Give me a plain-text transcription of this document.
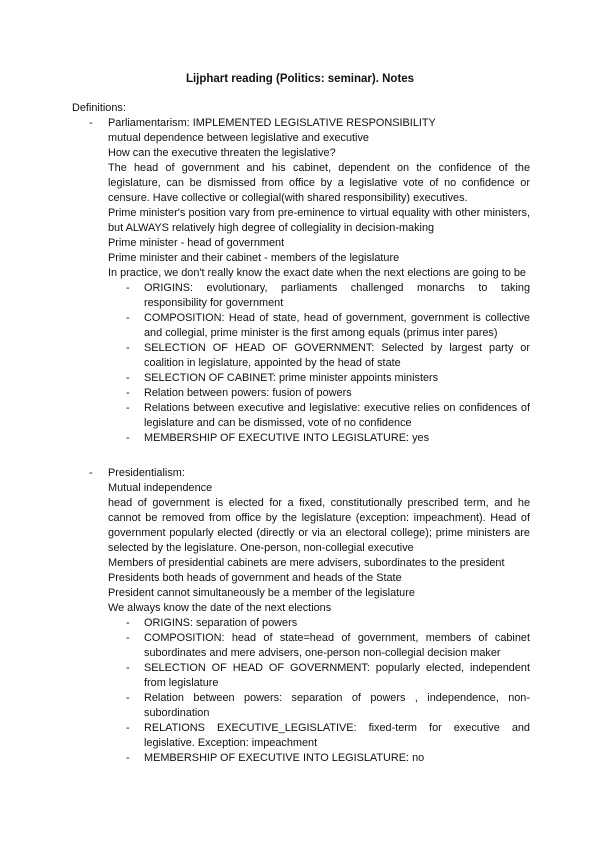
Lijphart reading (Politics: seminar). Notes
Definitions:
- Parliamentarism: IMPLEMENTED LEGISLATIVE RESPONSIBILITY

mutual dependence between legislative and executive

How can the executive threaten the legislative?

The head of government and his cabinet, dependent on the confidence of the legislature, can be dismissed from office by a legislative vote of no confidence or censure. Have collective or collegial(with shared responsibility) executives.

Prime minister's position vary from pre-eminence to virtual equality with other ministers, but ALWAYS relatively high degree of collegiality in decision-making

Prime minister - head of government

Prime minister and their cabinet - members of the legislature

In practice, we don't really know the exact date when the next elections are going to be

- ORIGINS: evolutionary, parliaments challenged monarchs to taking responsibility for government
- COMPOSITION: Head of state, head of government, government is collective and collegial, prime minister is the first among equals (primus inter pares)
- SELECTION OF HEAD OF GOVERNMENT: Selected by largest party or coalition in legislature, appointed by the head of state
- SELECTION OF CABINET: prime minister appoints ministers
- Relation between powers: fusion of powers
- Relations between executive and legislative: executive relies on confidences of legislature and can be dismissed, vote of no confidence
- MEMBERSHIP OF EXECUTIVE INTO LEGISLATURE: yes
- Presidentialism:

Mutual independence

head of government is elected for a fixed, constitutionally prescribed term, and he cannot be removed from office by the legislature (exception: impeachment). Head of government popularly elected (directly or via an electoral college); prime ministers are selected by the legislature. One-person, non-collegial executive

Members of presidential cabinets are mere advisers, subordinates to the president

Presidents both heads of government and heads of the State

President cannot simultaneously be a member of the legislature

We always know the date of the next elections

- ORIGINS: separation of powers
- COMPOSITION: head of state=head of government, members of cabinet subordinates and mere advisers, one-person non-collegial decision maker
- SELECTION OF HEAD OF GOVERNMENT: popularly elected, independent from legislature
- Relation between powers: separation of powers , independence, non-subordination
- RELATIONS EXECUTIVE_LEGISLATIVE: fixed-term for executive and legislative. Exception: impeachment
- MEMBERSHIP OF EXECUTIVE INTO LEGISLATURE: no
